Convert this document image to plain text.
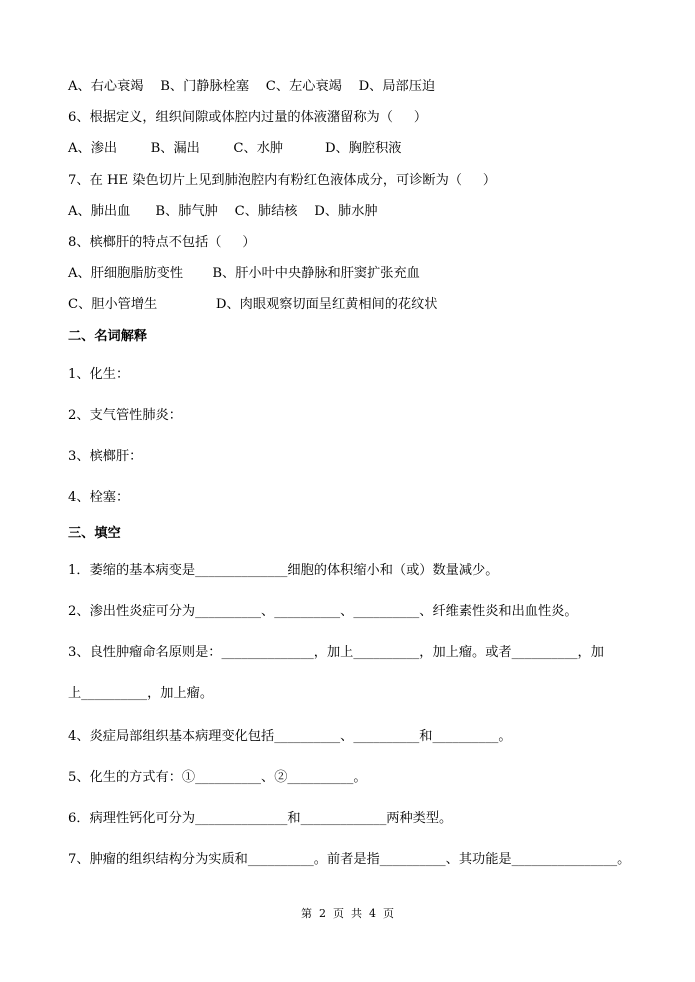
A、右心衰竭    B、门静脉栓塞    C、左心衰竭    D、局部压迫
6、根据定义，组织间隙或体腔内过量的体液潴留称为（     ）
A、渗出        B、漏出        C、水肿          D、胸腔积液
7、在 HE 染色切片上见到肺泡腔内有粉红色液体成分，可诊断为（     ）
A、肺出血      B、肺气肿    C、肺结核    D、肺水肿
8、槟榔肝的特点不包括（     ）
A、肝细胞脂肪变性       B、肝小叶中央静脉和肝窦扩张充血
C、胆小管增生              D、肉眼观察切面呈红黄相间的花纹状
二、名词解释
1、化生：
2、支气管性肺炎：
3、槟榔肝：
4、栓塞：
三、填空
1．萎缩的基本病变是______________细胞的体积缩小和（或）数量减少。
2、渗出性炎症可分为__________、__________、__________、纤维素性炎和出血性炎。
3、良性肿瘤命名原则是：______________，加上__________，加上瘤。或者__________，加
上__________，加上瘤。
4、炎症局部组织基本病理变化包括__________、__________和__________。
5、化生的方式有：①__________、②__________。
6．病理性钙化可分为______________和_____________两种类型。
7、肿瘤的组织结构分为实质和__________。前者是指__________、其功能是________________。
第  2  页  共  4  页
